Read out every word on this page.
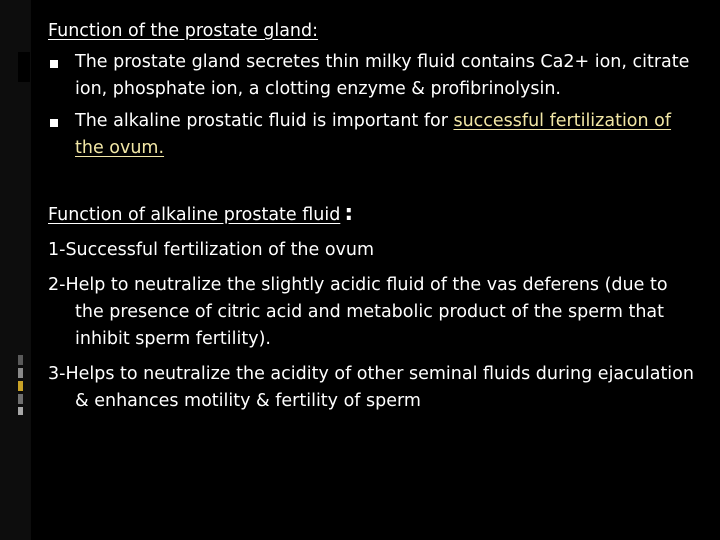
Function of the prostate gland:
The prostate gland secretes thin milky fluid contains Ca2+ ion, citrate ion, phosphate ion, a clotting enzyme & profibrinolysin.
The alkaline prostatic fluid is important for successful fertilization of the ovum.
Function of alkaline prostate fluid :
1-Successful fertilization of the ovum
2-Help to neutralize the slightly acidic fluid of the vas deferens (due to the presence of citric acid and metabolic product of the sperm that inhibit sperm fertility).
3-Helps to neutralize the acidity of other seminal fluids during ejaculation & enhances motility & fertility of sperm
